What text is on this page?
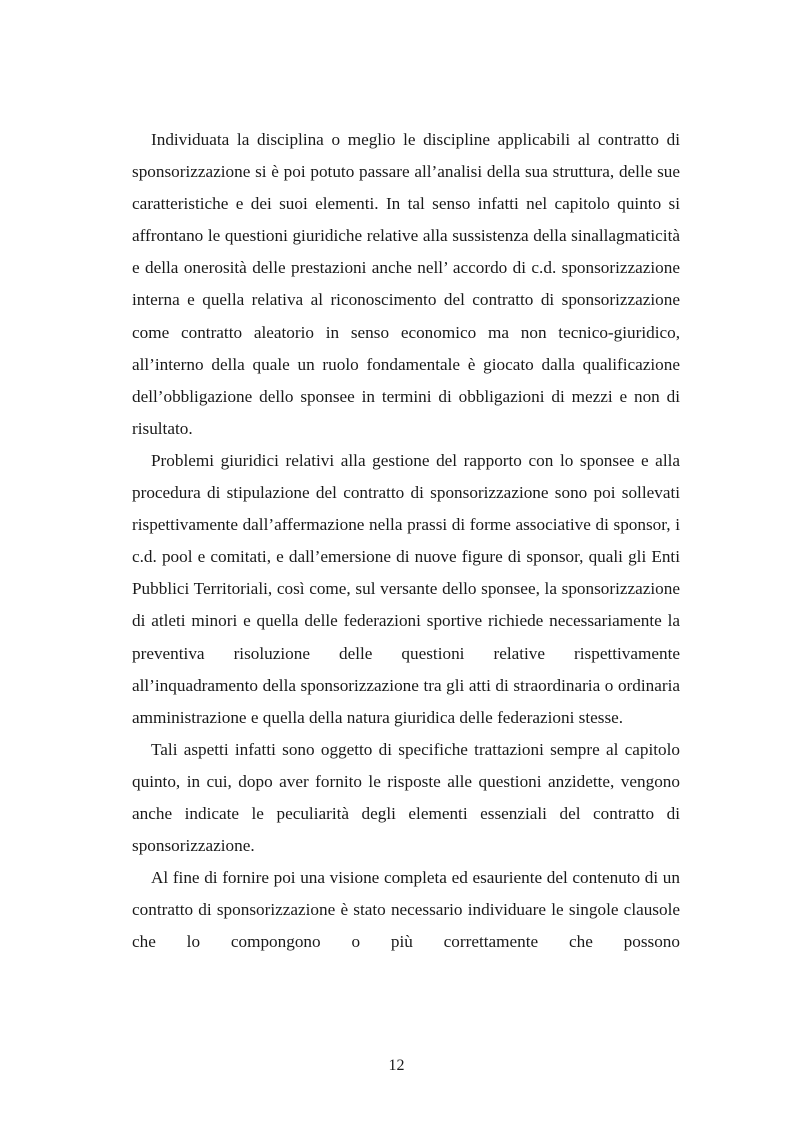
Individuata la disciplina o meglio le discipline applicabili al contratto di sponsorizzazione si è poi potuto passare all’analisi della sua struttura, delle sue caratteristiche e dei suoi elementi. In tal senso infatti nel capitolo quinto si affrontano le questioni giuridiche relative alla sussistenza della sinallagmaticità e della onerosità delle prestazioni anche nell’ accordo di c.d. sponsorizzazione interna e quella relativa al riconoscimento del contratto di sponsorizzazione come contratto aleatorio in senso economico ma non tecnico-giuridico, all’interno della quale un ruolo fondamentale è giocato dalla qualificazione dell’obbligazione dello sponsee in termini di obbligazioni di mezzi e non di risultato.

Problemi giuridici relativi alla gestione del rapporto con lo sponsee e alla procedura di stipulazione del contratto di sponsorizzazione sono poi sollevati rispettivamente dall’affermazione nella prassi di forme associative di sponsor, i c.d. pool e comitati, e dall’emersione di nuove figure di sponsor, quali gli Enti Pubblici Territoriali, così come, sul versante dello sponsee, la sponsorizzazione di atleti minori e quella delle federazioni sportive richiede necessariamente la preventiva risoluzione delle questioni relative rispettivamente all’inquadramento della sponsorizzazione tra gli atti di straordinaria o ordinaria amministrazione e quella della natura giuridica delle federazioni stesse.

Tali aspetti infatti sono oggetto di specifiche trattazioni sempre al capitolo quinto, in cui, dopo aver fornito le risposte alle questioni anzidette, vengono anche indicate le peculiarità degli elementi essenziali del contratto di sponsorizzazione.

Al fine di fornire poi una visione completa ed esauriente del contenuto di un contratto di sponsorizzazione è stato necessario individuare le singole clausole che lo compongono o più correttamente che possono

12
